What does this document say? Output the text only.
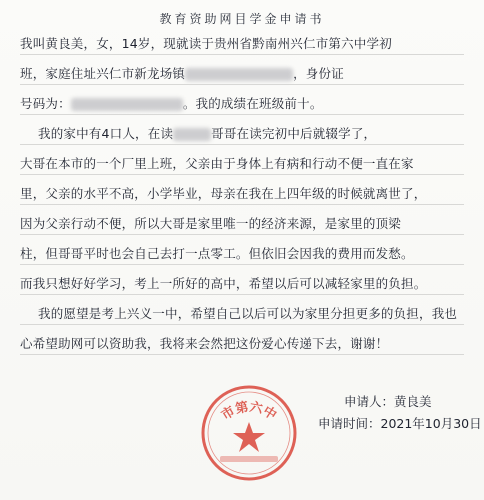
教育资助网目学金申请书
我叫黄良美，女，14岁，现就读于贵州省黔南州兴仁市第六中学初
班，家庭住址兴仁市新龙场镇	，身份证
号码为：	。我的成绩在班级前十。
我的家中有4口人，在读	哥哥在读完初中后就辍学了，
大哥在本市的一个厂里上班，父亲由于身体上有病和行动不便一直在家
里，父亲的水平不高，小学毕业，母亲在我在上四年级的时候就离世了，
因为父亲行动不便，所以大哥是家里唯一的经济来源，是家里的顶梁
柱，但哥哥平时也会自己去打一点零工。但依旧会因我的费用而发愁。
而我只想好好学习，考上一所好的高中，希望以后可以减轻家里的负担。
我的愿望是考上兴义一中，希望自己以后可以为家里分担更多的负担，我也
心希望助网可以资助我，我将来会然把这份爱心传递下去，谢谢！
申请人：黄良美
申请时间：2021年10月30日
市第六中
